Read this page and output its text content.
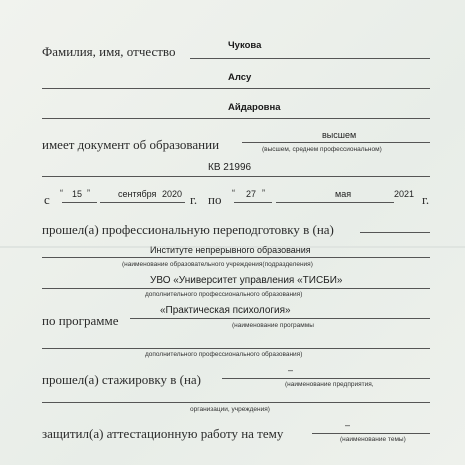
Фамилия, имя, отчество	Чукова
Алсу
Айдаровна
имеет документ об образовании
высшем
(высшем, среднем профессиональном)
КВ 21996
с “ 15 ”	сентября 2020 г. по “ 27 ”	мая	2021 г.
прошел(а) профессиональную переподготовку в (на)
Институте непрерывного образования
(наименование образовательного учреждения(подразделения)
УВО «Университет управления «ТИСБИ»
дополнительного профессионального образования)
по программе
«Практическая психология»
(наименование программы
дополнительного профессионального образования)
прошел(а) стажировку в (на)
–
(наименование предприятия,
организации, учреждения)
защитил(а) аттестационную работу на тему
–
(наименование темы)
